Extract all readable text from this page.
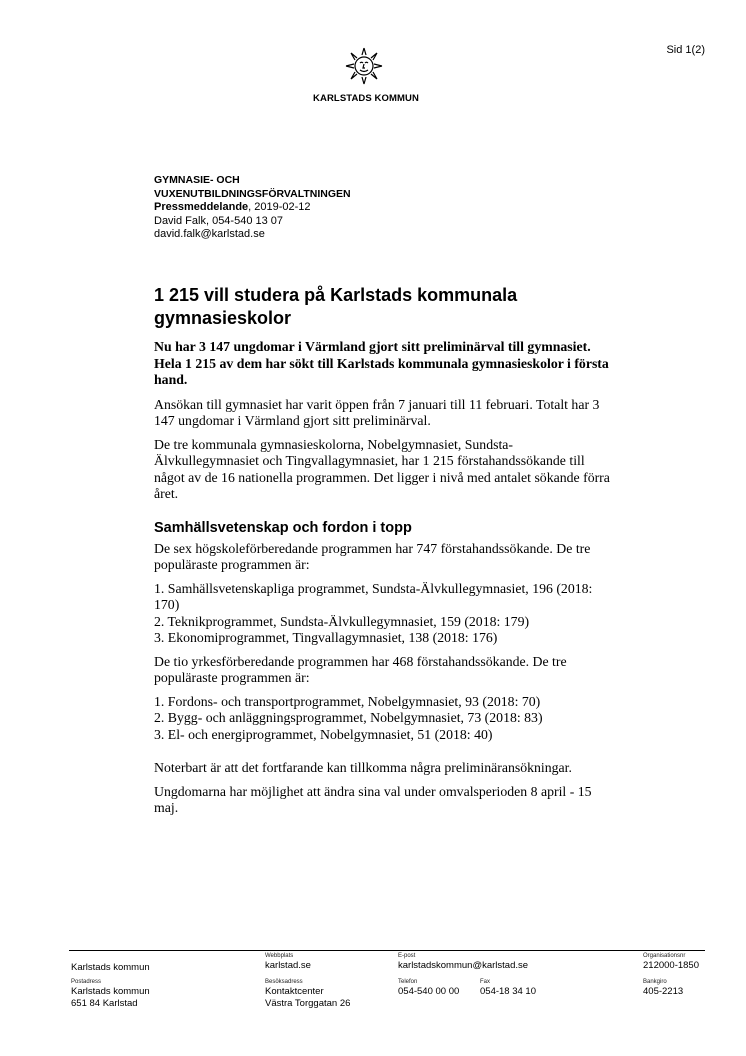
Sid 1(2)
KARLSTADS KOMMUN
GYMNASIE- OCH
VUXENUTBILDNINGSFÖRVALTNINGEN
Pressmeddelande, 2019-02-12
David Falk, 054-540 13 07
david.falk@karlstad.se
1 215 vill studera på Karlstads kommunala gymnasieskolor

Nu har 3 147 ungdomar i Värmland gjort sitt preliminärval till gymnasiet. Hela 1 215 av dem har sökt till Karlstads kommunala gymnasieskolor i första hand.

Ansökan till gymnasiet har varit öppen från 7 januari till 11 februari. Totalt har 3 147 ungdomar i Värmland gjort sitt preliminärval.

De tre kommunala gymnasieskolorna, Nobelgymnasiet, Sundsta-Älvkullegymnasiet och Tingvallagymnasiet, har 1 215 förstahandssökande till något av de 16 nationella programmen. Det ligger i nivå med antalet sökande förra året.

Samhällsvetenskap och fordon i topp

De sex högskoleförberedande programmen har 747 förstahandssökande. De tre populäraste programmen är:

1. Samhällsvetenskapliga programmet, Sundsta-Älvkullegymnasiet, 196 (2018: 170)
2. Teknikprogrammet, Sundsta-Älvkullegymnasiet, 159 (2018: 179)
3. Ekonomiprogrammet, Tingvallagymnasiet, 138 (2018: 176)

De tio yrkesförberedande programmen har 468 förstahandssökande. De tre populäraste programmen är:

1. Fordons- och transportprogrammet, Nobelgymnasiet, 93 (2018: 70)
2. Bygg- och anläggningsprogrammet, Nobelgymnasiet, 73 (2018: 83)
3. El- och energiprogrammet, Nobelgymnasiet, 51 (2018: 40)

Noterbart är att det fortfarande kan tillkomma några preliminäransökningar.

Ungdomarna har möjlighet att ändra sina val under omvalsperioden 8 april - 15 maj.

Karlstads kommun
Webbplats
karlstad.se
E-post
karlstadskommun@karlstad.se
Organisationsnr
212000-1850
Postadress
Karlstads kommun
651 84 Karlstad
Besöksadress
Kontaktcenter
Västra Torggatan 26
Telefon
054-540 00 00
Fax
054-18 34 10
Bankgiro
405-2213
